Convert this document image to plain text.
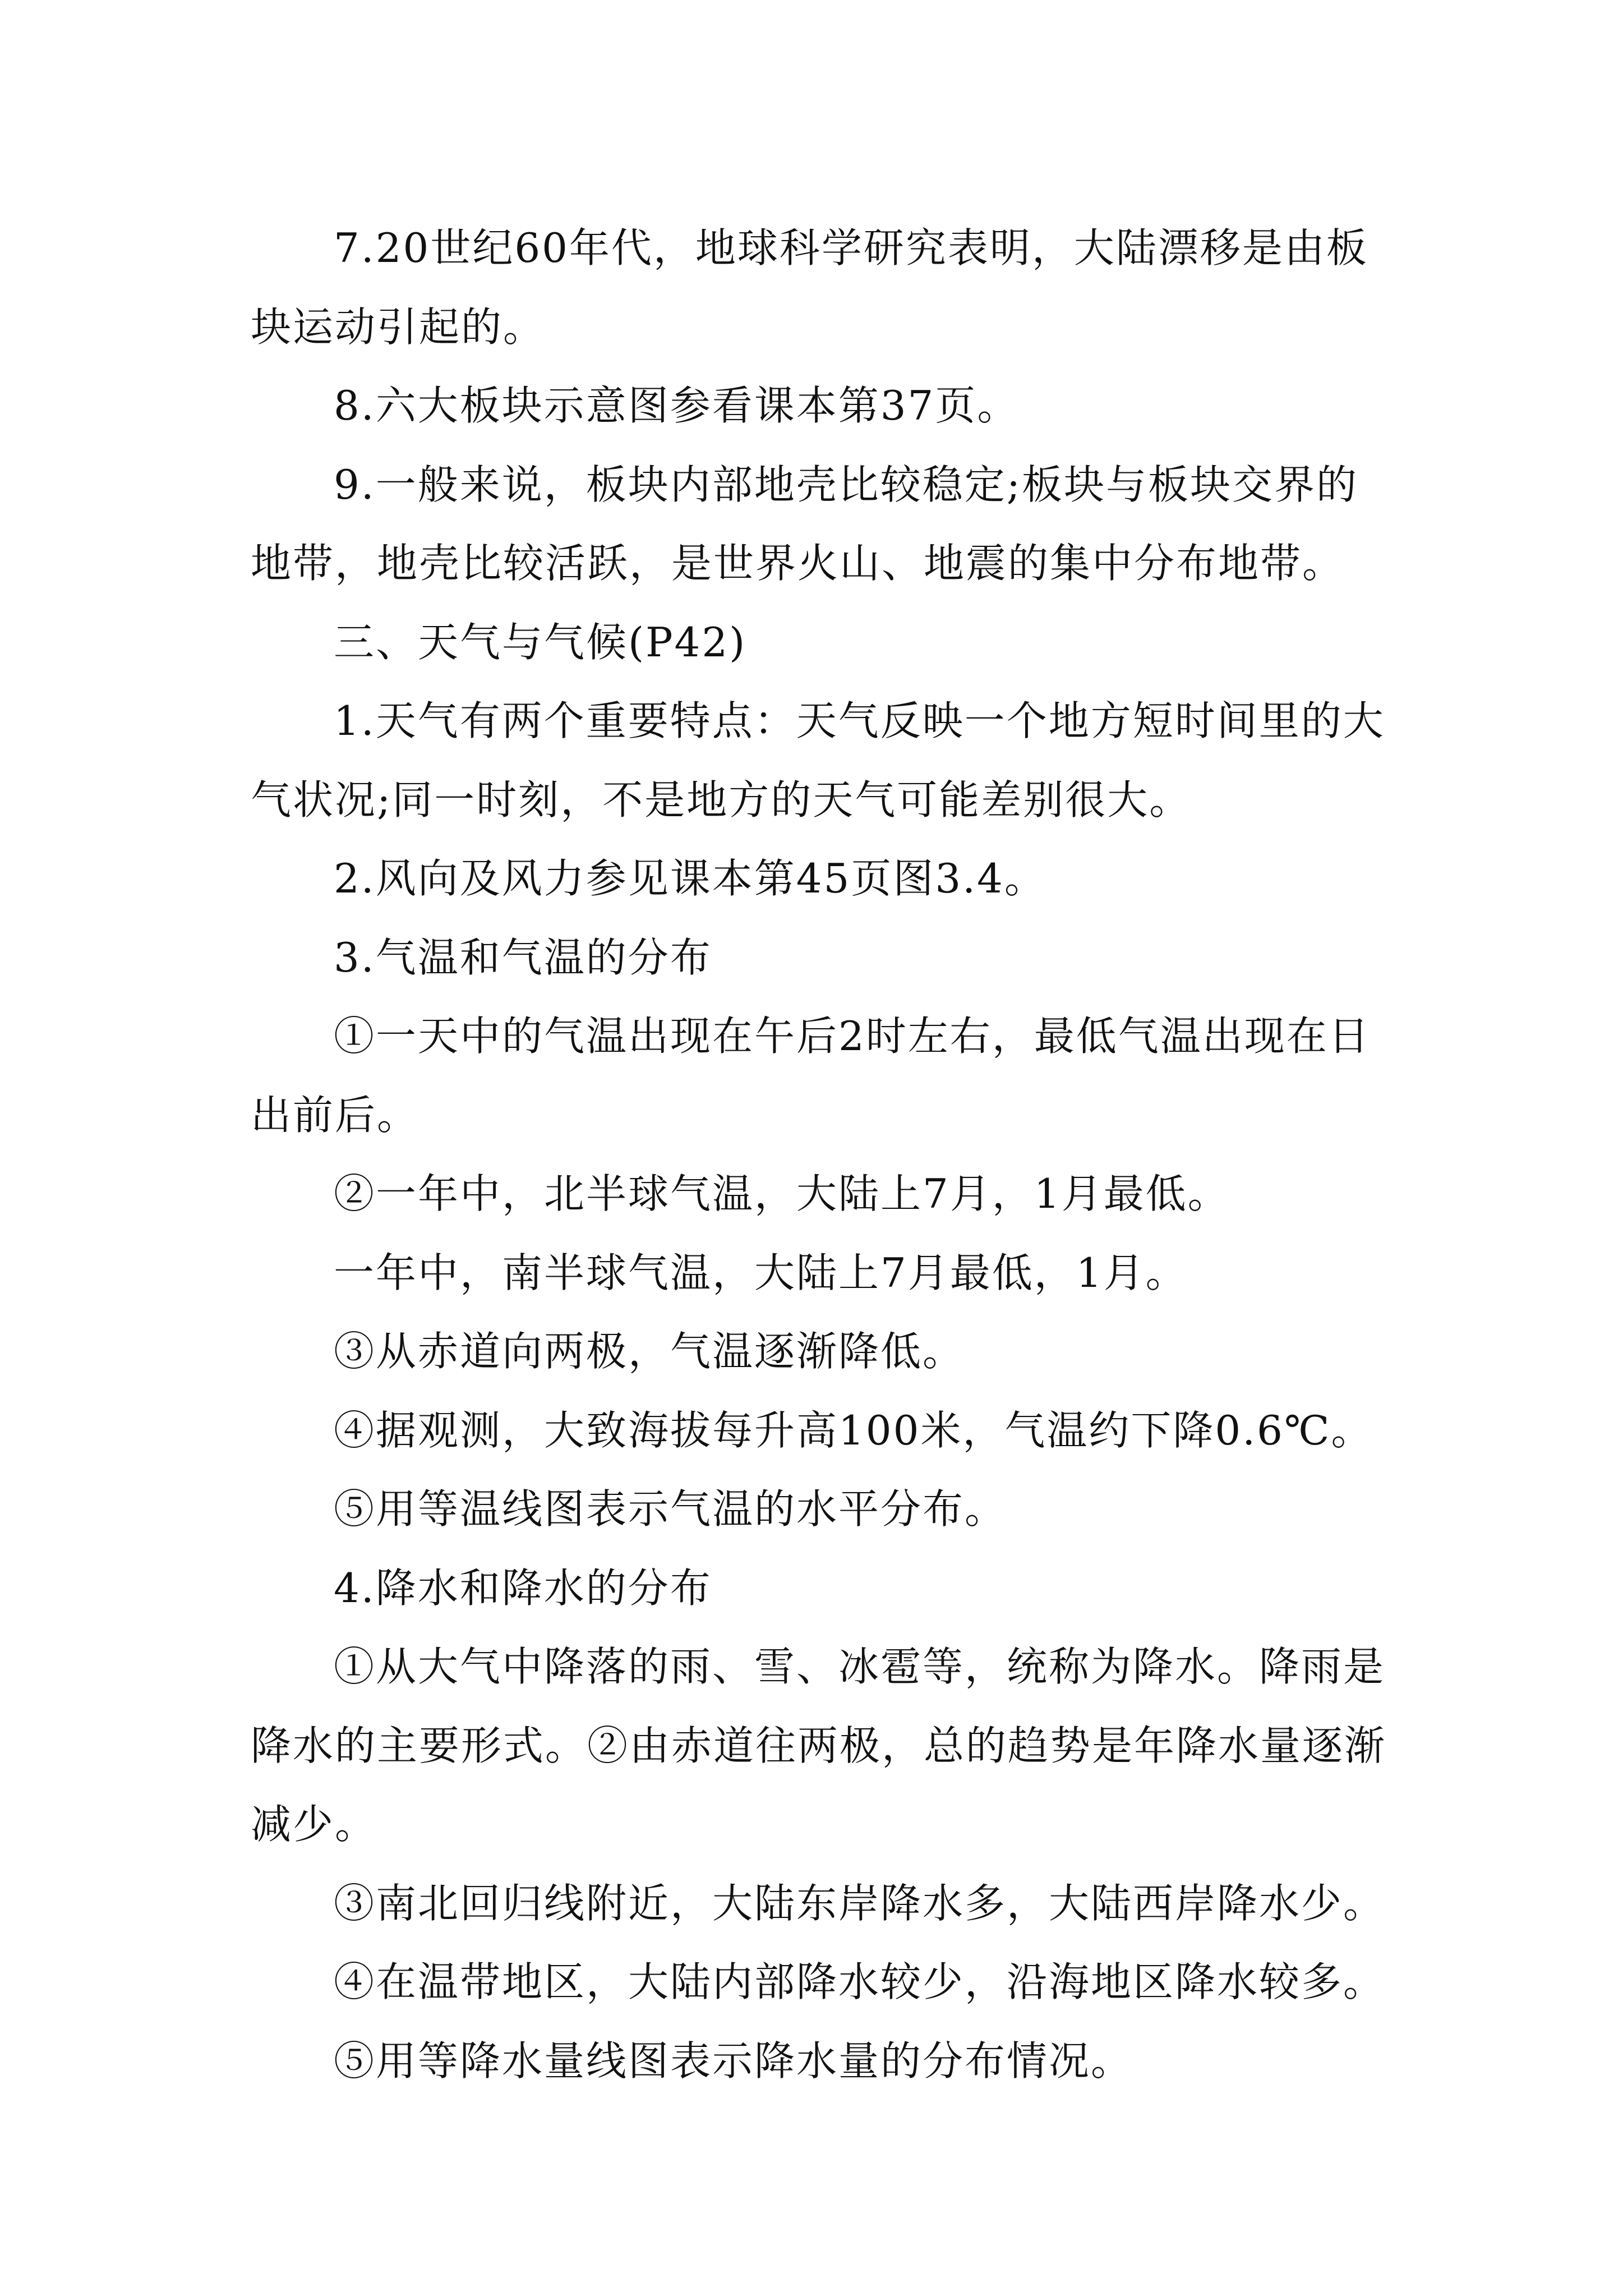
7.20世纪60年代，地球科学研究表明，大陆漂移是由板块运动引起的。

8.六大板块示意图参看课本第37页。

9.一般来说，板块内部地壳比较稳定;板块与板块交界的地带，地壳比较活跃，是世界火山、地震的集中分布地带。

三、天气与气候(P42)

1.天气有两个重要特点：天气反映一个地方短时间里的大气状况;同一时刻，不是地方的天气可能差别很大。

2.风向及风力参见课本第45页图3.4。

3.气温和气温的分布

①一天中的气温出现在午后2时左右，最低气温出现在日出前后。

②一年中，北半球气温，大陆上7月，1月最低。

一年中，南半球气温，大陆上7月最低，1月。

③从赤道向两极，气温逐渐降低。

④据观测，大致海拔每升高100米，气温约下降0.6℃。

⑤用等温线图表示气温的水平分布。

4.降水和降水的分布

①从大气中降落的雨、雪、冰雹等，统称为降水。降雨是降水的主要形式。②由赤道往两极，总的趋势是年降水量逐渐减少。

③南北回归线附近，大陆东岸降水多，大陆西岸降水少。

④在温带地区，大陆内部降水较少，沿海地区降水较多。

⑤用等降水量线图表示降水量的分布情况。
